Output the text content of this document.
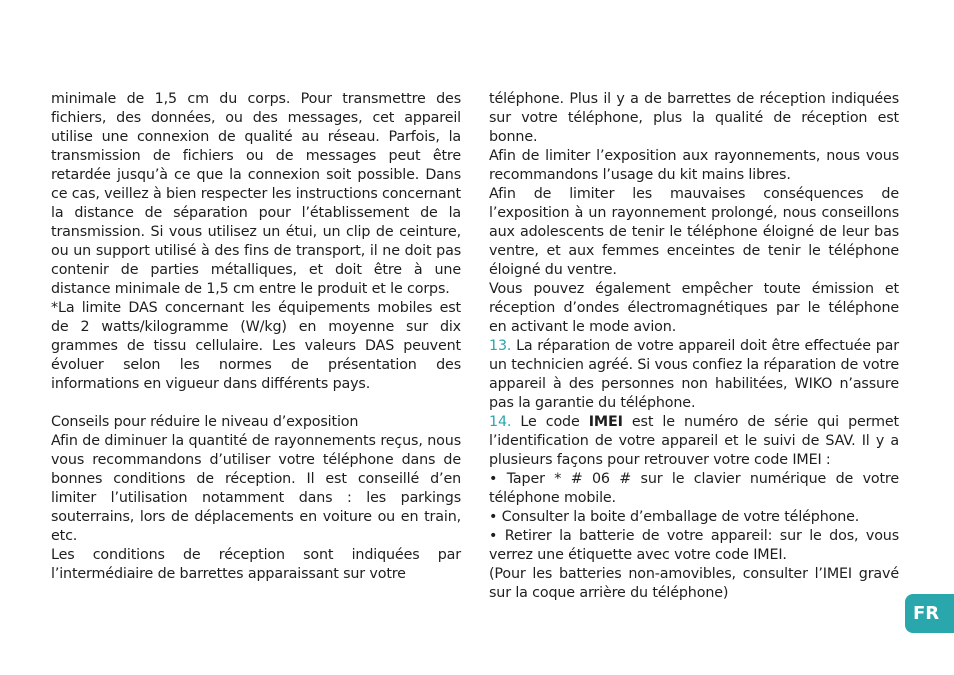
minimale de 1,5 cm du corps. Pour transmettre des fichiers, des données, ou des messages, cet appareil utilise une connexion de qualité au réseau. Parfois, la transmission de fichiers ou de messages peut être retardée jusqu’à ce que la connexion soit possible. Dans ce cas, veillez à bien respecter les instructions concernant la distance de séparation pour l’établissement de la transmission. Si vous utilisez un étui, un clip de ceinture, ou un support utilisé à des fins de transport, il ne doit pas contenir de parties métalliques, et doit être à une distance minimale de 1,5 cm entre le produit et le corps.

*La limite DAS concernant les équipements mobiles est de 2 watts/kilogramme (W/kg) en moyenne sur dix grammes de tissu cellulaire. Les valeurs DAS peuvent évoluer selon les normes de présentation des informations en vigueur dans différents pays.

Conseils pour réduire le niveau d’exposition

Afin de diminuer la quantité de rayonnements reçus, nous vous recommandons d’utiliser votre téléphone dans de bonnes conditions de réception. Il est conseillé d’en limiter l’utilisation notamment dans : les parkings souterrains, lors de déplacements en voiture ou en train, etc.

Les conditions de réception sont indiquées par l’intermédiaire de barrettes apparaissant sur votre

téléphone. Plus il y a de barrettes de réception indiquées sur votre téléphone, plus la qualité de réception est bonne.

Afin de limiter l’exposition aux rayonnements, nous vous recommandons l’usage du kit mains libres.

Afin de limiter les mauvaises conséquences de l’exposition à un rayonnement prolongé, nous conseillons aux adolescents de tenir le téléphone éloigné de leur bas ventre, et aux femmes enceintes de tenir le téléphone éloigné du ventre.

Vous pouvez également empêcher toute émission et réception d’ondes électromagnétiques par le téléphone en activant le mode avion.

13. La réparation de votre appareil doit être effectuée par un technicien agréé. Si vous confiez la réparation de votre appareil à des personnes non habilitées, WIKO n’assure pas la garantie du téléphone.

14. Le code IMEI est le numéro de série qui permet l’identification de votre appareil et le suivi de SAV. Il y a plusieurs façons pour retrouver votre code IMEI :

• Taper * # 06 # sur le clavier numérique de votre téléphone mobile.

• Consulter la boite d’emballage de votre téléphone.

• Retirer la batterie de votre appareil: sur le dos, vous verrez une étiquette avec votre code IMEI.

(Pour les batteries non-amovibles, consulter l’IMEI gravé sur la coque arrière du téléphone)

FR
